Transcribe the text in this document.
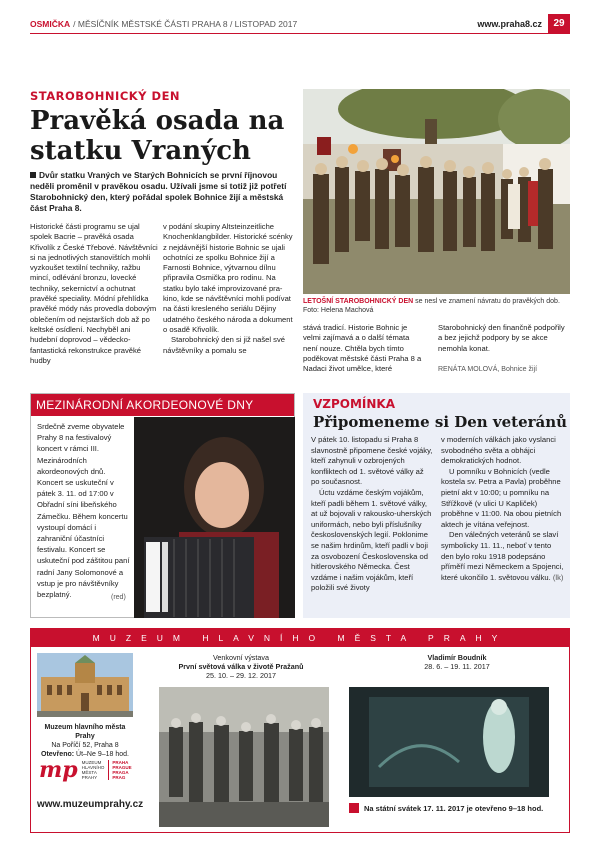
OSMIČKA / MĚSÍČNÍK MĚSTSKÉ ČÁSTI PRAHA 8 / LISTOPAD 2017	www.praha8.cz	29
STAROBOHNICKÝ DEN
Pravěká osada na statku Vraných
Dvůr statku Vraných ve Starých Bohnicích se první říjnovou neděli proměnil v pravěkou osadu. Užívali jsme si totiž již potřetí Starobohnický den, který pořádal spolek Bohnice žijí a městská část Praha 8.
Historické části programu se ujal spolek Bacrie – pravěká osada Křivolík z České Třebové. Návštěvníci si na jednotlivých stanovištích mohli vyzkoušet textilní techniky, ražbu mincí, odlévání bronzu, lovecké techniky, sekernictví a ochutnat pravěké speciality. Módní přehlídka pravěké módy nás provedla dobovým oblečením od nejstarších dob až po keltské osídlení. Nechyběl ani hudební doprovod – vědecko-fantastická rekonstrukce pravěké hudby
v podání skupiny Altsteinzeitliche Knochenklangbilder. Historické scénky z nejdávnější historie Bohnic se ujali ochotníci ze spolku Bohnice žijí a Farnosti Bohnice, výtvarnou dílnu připravila Osmička pro rodinu. Na statku bylo také improvizované pra-kino, kde se návštěvníci mohli podívat na části kresleného seriálu Dějiny udatného českého národa a dokument o osadě Křivolík.
Starobohnický den si již našel své návštěvníky a pomalu se
LETOŠNÍ STAROBOHNICKÝ DEN se nesl ve znamení návratu do pravěkých dob. Foto: Helena Machová
stává tradicí. Historie Bohnic je velmi zajímavá a o další témata není nouze. Chtěla bych tímto poděkovat městské části Praha 8 a Nadaci život umělce, které
Starobohnický den finančně podpořily a bez jejichž podpory by se akce nemohla konat.
RENÁTA MOLOVÁ, Bohnice žijí
MEZINÁRODNÍ AKORDEONOVÉ DNY
Srdečně zveme obyvatele Prahy 8 na festivalový koncert v rámci III. Mezinárodních akordeonových dnů. Koncert se uskuteční v pátek 3. 11. od 17:00 v Obřadní síni libeňského Zámečku. Během koncertu vystoupí domácí i zahraniční účastníci festivalu. Koncert se uskuteční pod záštitou paní radní Jany Solomonové a vstup je pro návštěvníky bezplatný.	(red)
VZPOMÍNKA
Připomeneme si Den veteránů
V pátek 10. listopadu si Praha 8 slavnostně připomene české vojáky, kteří zahynuli v ozbrojených konfliktech od 1. světové války až po současnost.
Úctu vzdáme českým vojákům, kteří padli během 1. světové války, at už bojovali v rakousko-uherských uniformách, nebo byli příslušníky československých legií. Poklonime se našim hrdinům, kteří padli v boji za osvobození Československa od hitlerovského Německa. Čest vzdáme i našim vojákům, kteří položili své životy
v moderních válkách jako vyslanci svobodného světa a obhájci demokratických hodnot.
U pomníku v Bohnicích (vedle kostela sv. Petra a Pavla) proběhne pietní akt v 10:00; u pomníku na Střížkově (v ulici U Kapliček) proběhne v 11:00. Na obou pietních aktech je vítána veřejnost.
Den válečných veteránů se slaví symbolicky 11. 11., neboť v tento den bylo roku 1918 podepsáno příměří mezi Německem a Spojenci, které ukončilo 1. světovou válku. (lk)
MUZEUM HLAVNÍHO MĚSTA PRAHY
Muzeum hlavního města Prahy
Na Poříčí 52, Praha 8
Otevřeno: Út–Ne 9–18 hod.
mp MUZEUM
HLAVNÍHO
MĚSTA
PRAHY
PRAHA
PRAGUE
PRAGA
PRAG
www.muzeumprahy.cz
Venkovní výstava
První světová válka v životě Pražanů
25. 10. – 29. 12. 2017
Vladimír Boudník
28. 6. – 19. 11. 2017
Na státní svátek 17. 11. 2017 je otevřeno 9–18 hod.
